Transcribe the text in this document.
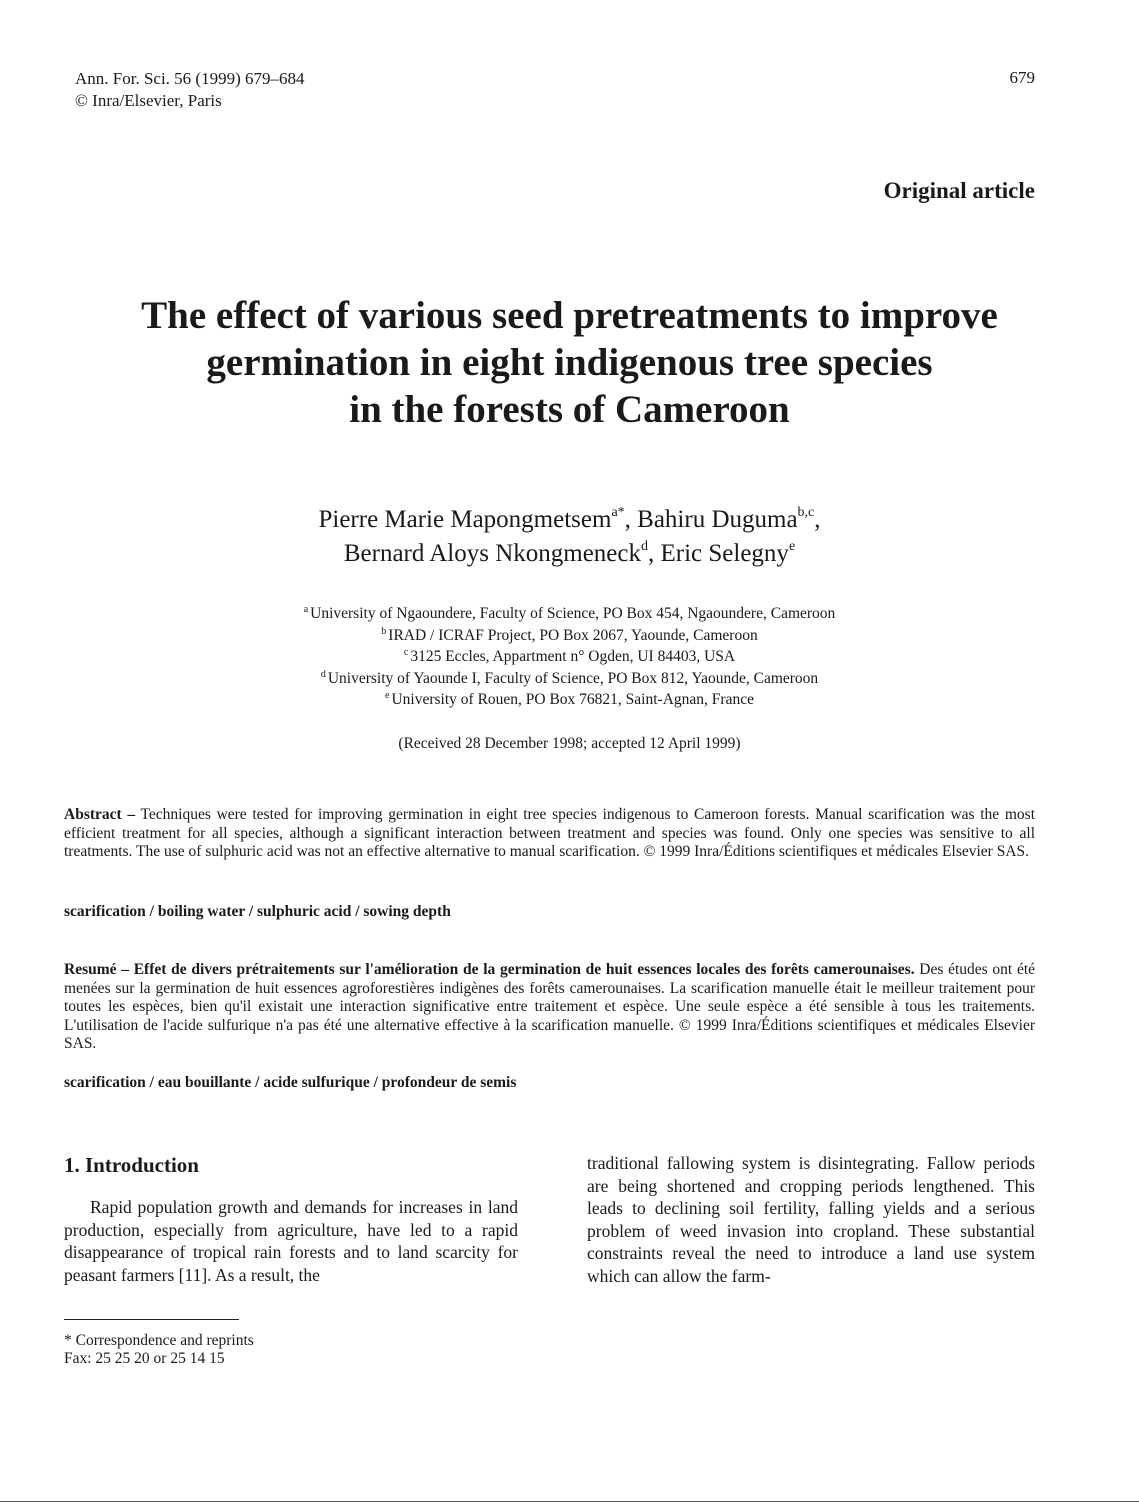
Ann. For. Sci. 56 (1999) 679–684
© Inra/Elsevier, Paris
679
Original article
The effect of various seed pretreatments to improve
germination in eight indigenous tree species
in the forests of Cameroon
Pierre Marie Mapongmetsem$^{a*}$, Bahiru Duguma$^{b,c}$,
Bernard Aloys Nkongmeneck$^d$, Eric Selegny$^e$
$^a$ University of Ngaoundere, Faculty of Science, PO Box 454, Ngaoundere, Cameroon
$^b$ IRAD / ICRAF Project, PO Box 2067, Yaounde, Cameroon
$^c$ 3125 Eccles, Appartment n° Ogden, UI 84403, USA
$^d$ University of Yaounde I, Faculty of Science, PO Box 812, Yaounde, Cameroon
$^e$ University of Rouen, PO Box 76821, Saint-Agnan, France
(Received 28 December 1998; accepted 12 April 1999)
Abstract – Techniques were tested for improving germination in eight tree species indigenous to Cameroon forests. Manual scarification was the most efficient treatment for all species, although a significant interaction between treatment and species was found. Only one species was sensitive to all treatments. The use of sulphuric acid was not an effective alternative to manual scarification. © 1999 Inra/Éditions scientifiques et médicales Elsevier SAS.
scarification / boiling water / sulphuric acid / sowing depth
Resumé – Effet de divers prétraitements sur l'amélioration de la germination de huit essences locales des forêts camerounaises. Des études ont été menées sur la germination de huit essences agroforestières indigènes des forêts camerounaises. La scarification manuelle était le meilleur traitement pour toutes les espèces, bien qu'il existait une interaction significative entre traitement et espèce. Une seule espèce a été sensible à tous les traitements. L'utilisation de l'acide sulfurique n'a pas été une alternative effective à la scarification manuelle. © 1999 Inra/Éditions scientifiques et médicales Elsevier SAS.
scarification / eau bouillante / acide sulfurique / profondeur de semis
1. Introduction
Rapid population growth and demands for increases in land production, especially from agriculture, have led to a rapid disappearance of tropical rain forests and to land scarcity for peasant farmers [11]. As a result, the
traditional fallowing system is disintegrating. Fallow periods are being shortened and cropping periods lengthened. This leads to declining soil fertility, falling yields and a serious problem of weed invasion into cropland. These substantial constraints reveal the need to introduce a land use system which can allow the farm-
* Correspondence and reprints
Fax: 25 25 20 or 25 14 15
